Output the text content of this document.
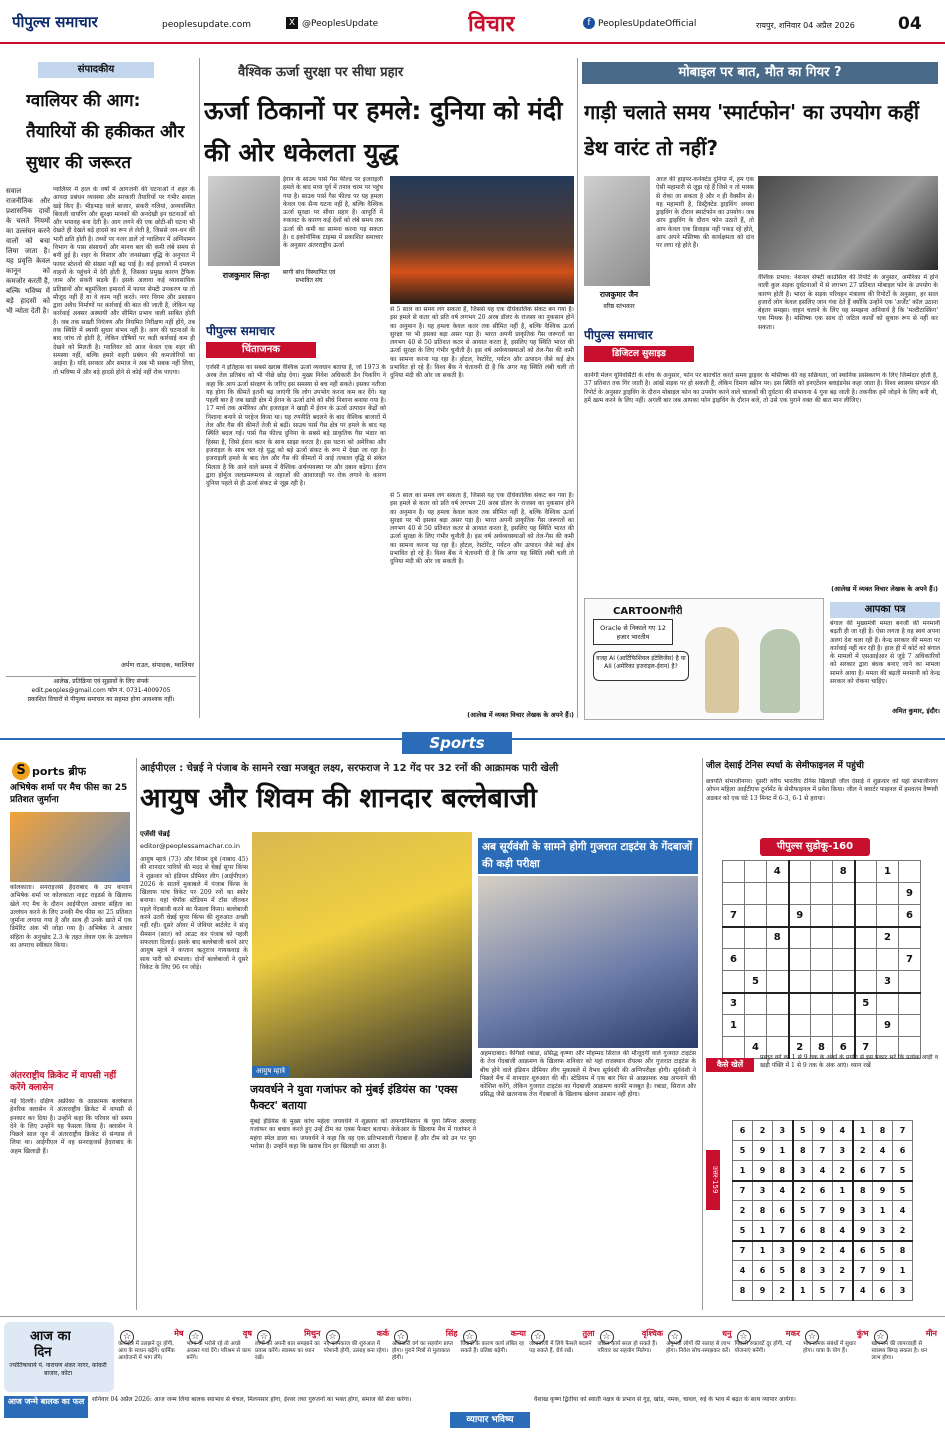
पीपुल्स समाचार	peoplesupdate.com	X @PeoplesUpdate	विचार	f PeoplesUpdateOfficial	रायपुर, शनिवार 04 अप्रैल 2026	04
संपादकीय
ग्वालियर की आग: तैयारियों की हकीकत और सुधार की जरूरत
सवाल राजनीतिक और प्रशासनिक दावों के चलते नियमों का उल्लंघन करने वालों को बचा लिया जाता है। यह प्रवृत्ति केवल कानून को कमजोर करती है, बल्कि भविष्य में बड़े हादसों को भी न्योता देती है।
ग्वालियर में हाल के वर्षों में आगजनी की घटनाओं ने शहर के आपदा प्रबंधन व्यवस्था और सरकारी तैयारियों पर गंभीर सवाल खड़े किए हैं। भीड़भाड़ वाले बाजार, संकरी गलियां, अव्यवस्थित बिजली वायरिंग और सुरक्षा मानकों की अनदेखी इन घटनाओं को और भयावह बना देती है। आग लगने की एक छोटी-सी घटना भी देखते ही देखते बड़े हादसे का रूप ले लेती है, जिससे जन-धन की भारी क्षति होती है। तथ्यों पर नजर डालें तो ग्वालियर में अग्निशमन विभाग के पास संसाधनों और मानव बल की कमी लंबे समय से बनी हुई है। शहर के विस्तार और जनसंख्या वृद्धि के अनुपात में फायर स्टेशनों की संख्या नहीं बढ़ पाई है। कई इलाकों में दमकल वाहनों के पहुंचने में देरी होती है, जिसका प्रमुख कारण ट्रैफिक जाम और संकरी सड़कें हैं। इसके अलावा कई व्यावसायिक प्रतिष्ठानों और बहुमंजिला इमारतों में फायर सेफ्टी उपकरण या तो मौजूद नहीं हैं या वे काम नहीं करते। नगर निगम और प्रशासन द्वारा अवैध निर्माणों पर कार्रवाई की बात की जाती है, लेकिन यह कार्रवाई अक्सर अस्थायी और सीमित प्रभाव वाली साबित होती है। जब तक सख्ती नियंत्रण और नियमित निरीक्षण नहीं होंगे, तब तक स्थिति में स्थायी सुधार संभव नहीं है। आग की घटनाओं के बाद जांच तो होती है, लेकिन दोषियों पर कड़ी कार्रवाई कम ही देखने को मिलती है। ग्वालियर को आज केवल एक शहर की समस्या नहीं, बल्कि हमारे शहरी प्रबंधन की कमजोरियों का आईना है। यदि सरकार और समाज ने अब भी सबक नहीं लिया, तो भविष्य में और बड़े हादसे होने से कोई नहीं रोक पाएगा।
अर्पण राउत, संपादक, ग्वालियर
आलेख, प्रतिक्रिया एवं सुझावों के लिए संपर्क
edit.peoples@gmail.com फोन नं. 0731-4009705
प्रकाशित विचारों से पीपुल्स समाचार का सहमत होना आवश्यक नहीं।
वैश्विक ऊर्जा सुरक्षा पर सीधा प्रहार
ऊर्जा ठिकानों पर हमले: दुनिया को मंदी की ओर धकेलता युद्ध
राजकुमार सिन्हा	बरगी बांध विस्थापित एवं प्रभावित संघ
पीपुल्स समाचार
चिंताजनक
ईरान के साउथ पार्स गैस फील्ड पर इजराइली हमले के बाद मध्य पूर्व में तनाव चरम पर पहुंच गया है। साउथ पार्स गैस फील्ड पर यह हमला केवल एक सैन्य घटना नहीं है, बल्कि वैश्विक ऊर्जा सुरक्षा पर सीधा प्रहार है। आपूर्ति में रुकावट के कारण कई देशों को लंबे समय तक ऊर्जा की कमी का सामना करना पड़ सकता है। द इकोनॉमिक टाइम्स में प्रकाशित समाचार के अनुसार अंतरराष्ट्रीय ऊर्जा
से 5 साल का समय लग सकता है, जिससे यह एक दीर्घकालिक संकट बन गया है। इस हमले से कतर को प्रति वर्ष लगभग 20 अरब डॉलर के राजस्व का नुकसान होने का अनुमान है। यह हमला केवल कतर तक सीमित नहीं है, बल्कि वैश्विक ऊर्जा सुरक्षा पर भी इसका बड़ा असर पड़ा है। भारत अपनी प्राकृतिक गैस जरूरतों का लगभग 40 से 50 प्रतिशत कतर से आयात करता है, इसलिए यह स्थिति भारत की ऊर्जा सुरक्षा के लिए गंभीर चुनौती है। इस वर्ष अर्थव्यवस्थाओं को तेल-गैस की कमी का सामना करना पड़ रहा है। होटल, रेस्टोरेंट, पर्यटन और उत्पादन जैसे कई क्षेत्र प्रभावित हो रहे हैं। विश्व बैंक ने चेतावनी दी है कि अगर यह स्थिति लंबी चली तो दुनिया मंदी की ओर जा सकती है।
एजेंसी ने इतिहास का सबसे खराब वैश्विक ऊर्जा व्यवधान बताया है, जो 1973 के अरब तेल प्रतिबंध को भी पीछे छोड़ देगा। मुख्य निवेश अधिकारी डैन पिकरिंग ने कहा कि आप ऊर्जा संरक्षण के जरिए इस समस्या से बच नहीं सकते। इसका नतीजा यह होगा कि कीमतें इतनी बढ़ जाएंगी कि लोग उपभोग करना कम कर देंगे। यह पहली बार है जब खाड़ी क्षेत्र में ईरान के ऊर्जा ढांचे को सीधे निशाना बनाया गया है। 17 मार्च तक अमेरिका और इजराइल ने खाड़ी में ईरान के ऊर्जा उत्पादन केंद्रों को निशाना बनाने से परहेज किया था। यह रणनीति बदलने के बाद वैश्विक बाजारों में तेल और गैस की कीमतें तेजी से बढ़ीं। साउथ पार्स गैस क्षेत्र पर हमले के बाद यह स्थिति बदल गई। पार्स गैस फील्ड दुनिया के सबसे बड़े प्राकृतिक गैस भंडार का हिस्सा है, जिसे ईरान कतर के साथ साझा करता है। इस घटना को अमेरिका और इजराइल के साथ चल रहे युद्ध को बड़े ऊर्जा संकट के रूप में देखा जा रहा है। इजराइली हमले के बाद तेल और गैस की कीमतों में आई तत्काल वृद्धि से संकेत मिलता है कि आने वाले समय में वैश्विक अर्थव्यवस्था पर और दबाव बढ़ेगा। ईरान द्वारा होर्मुज जलडमरूमध्य से जहाजों की आवाजाही पर रोक लगाने के कारण दुनिया पहले से ही ऊर्जा संकट से जूझ रही है।
से 5 साल का समय लग सकता है, जिससे यह एक दीर्घकालिक संकट बन गया है। इस हमले से कतर को प्रति वर्ष लगभग 20 अरब डॉलर के राजस्व का नुकसान होने का अनुमान है। यह हमला केवल कतर तक सीमित नहीं है, बल्कि वैश्विक ऊर्जा सुरक्षा पर भी इसका बड़ा असर पड़ा है। भारत अपनी प्राकृतिक गैस जरूरतों का लगभग 40 से 50 प्रतिशत कतर से आयात करता है, इसलिए यह स्थिति भारत की ऊर्जा सुरक्षा के लिए गंभीर चुनौती है। इस वर्ष अर्थव्यवस्थाओं को तेल-गैस की कमी का सामना करना पड़ रहा है। होटल, रेस्टोरेंट, पर्यटन और उत्पादन जैसे कई क्षेत्र प्रभावित हो रहे हैं। विश्व बैंक ने चेतावनी दी है कि अगर यह स्थिति लंबी चली तो दुनिया मंदी की ओर जा सकती है।
(आलेख में व्यक्त विचार लेखक के अपने हैं।)
मोबाइल पर बात, मौत का गियर ?
गाड़ी चलाते समय 'स्मार्टफोन' का उपयोग कहीं डेथ वारंट तो नहीं?
राजकुमार जैन
वरिष्ठ स्तंभकार
आज की हाइपर-कनेक्टेड दुनिया में, हम एक ऐसी महामारी से जूझ रहे हैं जिसे न तो मास्क से रोका जा सकता है और न ही वैक्सीन से। यह महामारी है, डिस्ट्रैक्टेड ड्राइविंग अथवा ड्राइविंग के दौरान स्मार्टफोन का उपयोग। जब आप ड्राइविंग के दौरान फोन उठाते हैं, तो आप केवल एक डिवाइस नहीं पकड़ रहे होते, आप अपने मस्तिष्क की कार्यक्षमता को दांव पर लगा रहे होते हैं।
पीपुल्स समाचार
डिजिटल सुसाइड
वैश्विक प्रभाव: नेशनल सेफ्टी काउंसिल की रिपोर्ट के अनुसार, अमेरिका में होने वाली कुल सड़क दुर्घटनाओं में से लगभग 27 प्रतिशत मोबाइल फोन के उपयोग के कारण होती हैं। भारत के सड़क परिवहन मंत्रालय की रिपोर्टों के अनुसार, हर साल हजारों लोग केवल इसलिए जान गंवा देते हैं क्योंकि उन्होंने एक 'अर्जेंट' कॉल उठाना बेहतर समझा। वाहन चलाने के लिए यह समझना अनिवार्य है कि 'मल्टीटास्किंग' एक मिथक है। मस्तिष्क एक साथ दो जटिल कार्यों को सुचारु रूप से नहीं कर सकता।
कार्नेगी मेलन यूनिवर्सिटी के शोध के अनुसार, फोन पर बातचीत करते समय ड्राइवर के मस्तिष्क की वह सक्रियता, जो स्थानिक प्रसंस्करण के लिए जिम्मेदार होती है, 37 प्रतिशत तक गिर जाती है। आंखें सड़क पर हो सकती हैं, लेकिन दिमाग स्क्रीन पर। इस स्थिति को इनएटेंशन ब्लाइंडनेस कहा जाता है। विश्व स्वास्थ्य संगठन की रिपोर्ट के अनुसार ड्राइविंग के दौरान मोबाइल फोन का उपयोग करने वाले चालकों की दुर्घटना की संभावना 4 गुना बढ़ जाती है। तकनीक हमें जोड़ने के लिए बनी थी, हमें खत्म करने के लिए नहीं। अगली बार जब आपका फोन ड्राइविंग के दौरान बजे, तो उसे एक पुराने वक्त की बात मान लीजिए।
(आलेख में व्यक्त विचार लेखक के अपने हैं।)
CARTOONगीरी
Oracle से निकाले गए 12 हजार भारतीय
वजह AI (आर्टिफिशियल इंटेलिजेंस) है या AII (अमेरिका इजराइल-ईरान) है?
आपका पत्र
बंगाल की मुख्यमंत्री ममता बनर्जी की मनमानी बढ़ती ही जा रही है। ऐसा लगता है वह स्वयं अपना अलग देश चला रही हैं। केन्द्र सरकार की ममता पर कार्रवाई नहीं कर रही है। हाल ही में कोर्ट को बंगाल के मामलों में एसआईआर से जुड़े 7 अधिकारियों को सरकार द्वारा बंधक बनाए जाने का मामला सामने आया है। ममता की बढ़ती मनमानी को केन्द्र सरकार को रोकना चाहिए।
अमित कुमार, इंदौर।
Sports
S ports ब्रीफ
अभिषेक शर्मा पर मैच फीस का 25 प्रतिशत जुर्माना
कोलकाता। सनराइजर्स हैदराबाद के उप कप्तान अभिषेक शर्मा पर कोलकाता नाइट राइडर्स के खिलाफ खेले गए मैच के दौरान आईपीएल आचार संहिता का उल्लंघन करने के लिए उनकी मैच फीस का 25 प्रतिशत जुर्माना लगाया गया है और साथ ही उनके खाते में एक डिमेरिट अंक भी जोड़ा गया है। अभिषेक ने आचार संहिता के अनुच्छेद 2.3 के तहत लेवल एक के उल्लंघन का अपराध स्वीकार किया।
अंतरराष्ट्रीय क्रिकेट में वापसी नहीं करेंगे क्लासेन
नई दिल्ली। दक्षिण अफ्रीका के आक्रामक बल्लेबाज हेनरिक क्लासेन ने अंतरराष्ट्रीय क्रिकेट में वापसी से इनकार कर दिया है। उन्होंने कहा कि परिवार को समय देने के लिए उन्होंने यह फैसला किया है। क्लासेन ने पिछले साल जून में अंतरराष्ट्रीय क्रिकेट से संन्यास ले लिया था। आईपीएल में वह सनराइजर्स हैदराबाद के अहम खिलाड़ी हैं।
आईपीएल : चेन्नई ने पंजाब के सामने रखा मजबूत लक्ष्य, सरफराज ने 12 गेंद पर 32 रनों की आक्रामक पारी खेली
आयुष और शिवम की शानदार बल्लेबाजी
एजेंसी चेन्नई
editor@peoplessamachar.co.in
आयुष म्हात्रे (73) और शिवम दुबे (नाबाद 45) की शानदार पारियों की मदद से चेन्नई सुपर किंग्स ने शुक्रवार को इंडियन प्रीमियर लीग (आईपीएल) 2026 के सातवें मुकाबले में पंजाब किंग्स के खिलाफ पांच विकेट पर 209 रनों का स्कोर बनाया। यहां चेपॉक स्टेडियम में टॉस जीतकर पहले गेंदबाजी करने का फैसला किया। बल्लेबाजी करने उतरी चेन्नई सुपर किंग्स की शुरुआत अच्छी नहीं रही। दूसरे ओवर में जेवियर बार्टलेट ने संजू सैमसन (सात) को आउट कर पंजाब को पहली सफलता दिलाई। इसके बाद बल्लेबाजी करने आए आयुष म्हात्रे ने कप्तान ऋतुराज गायकवाड़ के साथ पारी को संभाला। दोनों बल्लेबाजों ने दूसरे विकेट के लिए 96 रन जोड़े।
आयुष म्हात्रे
जयवर्धने ने युवा गजांफर को मुंबई इंडियंस का 'एक्स फैक्टर' बताया
मुंबई इंडियंस के मुख्य कोच महेला जयवर्धने ने शुक्रवार को अफगानिस्तान के युवा स्पिनर अल्लाह गजांफर का बचाव करते हुए उन्हें टीम का एक्स फैक्टर बताया। केकेआर के खिलाफ मैच में गजांफर ने महंगा स्पेल डाला था। जयवर्धने ने कहा कि वह एक प्रतिभाशाली गेंदबाज हैं और टीम को उन पर पूरा भरोसा है। उन्होंने कहा कि खराब दिन हर खिलाड़ी का आता है।
अब सूर्यवंशी के सामने होगी गुजरात टाइटंस के गेंदबाजों की कड़ी परीक्षा
अहमदाबाद। कैगिसो रबाडा, प्रसिद्ध कृष्णा और मोहम्मद सिराज की मौजूदगी वाले गुजरात टाइटंस के तेज गेंदबाजी आक्रमण के खिलाफ शनिवार को यहां राजस्थान रॉयल्स और गुजरात टाइटंस के बीच होने वाले इंडियन प्रीमियर लीग मुकाबले में वैभव सूर्यवंशी की अग्निपरीक्षा होगी। सूर्यवंशी ने पिछले मैच में शानदार शुरुआत की थी। स्टेडियम में एक बार फिर से आक्रामक रुख अपनाने की कोशिश करेंगे, लेकिन गुजरात टाइटंस का गेंदबाजी आक्रमण काफी मजबूत है। रबाडा, सिराज और प्रसिद्ध जैसे खतरनाक तेज गेंदबाजों के खिलाफ खेलना आसान नहीं होगा।
जील देसाई टेनिस स्पर्धा के सेमीफाइनल में पहुंची
छत्रपति संभाजीनगर। दूसरी वरीय भारतीय टेनिस खिलाड़ी जील देसाई ने शुक्रवार को यहां संभाजीनगर ओपन महिला आईटीएफ टूर्नामेंट के सेमीफाइनल में प्रवेश किया। जील ने क्वार्टर फाइनल में हमवतन वैष्णवी अडकर को एक घंटे 13 मिनट में 6-3, 6-1 से हराया।
पीपुल्स सुडोकू-160
		4			8		1	
								9
7			9					6
		8					2	
6								7
	5						3	
3						5		
1							9	
	4		2	8	6	7		
कैसे खेलें
प्रस्तुत वर्ग को 1 से 9 तक के अंकों के प्रयोग से इस प्रकार भरें कि प्रत्येक आड़ी व खड़ी पंक्ति में 1 से 9 तक के अंक आएं। ध्यान रखें
उत्तर-159
6	2	3	5	9	4	1	8	7
5	9	1	8	7	3	2	4	6
1	9	8	3	4	2	6	7	5
7	3	4	2	6	1	8	9	5
2	8	6	5	7	9	3	1	4
5	1	7	6	8	4	9	3	2
7	1	3	9	2	4	6	5	8
4	6	5	8	3	2	7	9	1
8	9	2	1	5	7	4	6	3
आज का
दिन
ज्योतिषाचार्य पं. नारायण शंकर नागर, कांकरी बाजार, कोटा
☆	मेष
कार्यक्षेत्र में उलझनें दूर होंगी, आय के साधन बढ़ेंगे। धार्मिक आयोजनों में भाग लेंगे।
☆	वृष
भाग्य के भरोसे रहे तो अच्छे अवसर गवां देंगे। परिश्रम से काम बनेंगे।
☆	मिथुन
लोगों को अपनी बात समझाने का प्रयास करेंगे। स्वास्थ्य का ध्यान रखें।
☆	कर्क
नए कामकाज की शुरुआत में परेशानी होगी, उत्साह बना रहेगा।
☆	सिंह
अधिकारी वर्ग का सहयोग प्राप्त होगा। पुराने मित्रों से मुलाकात होगी।
☆	कन्या
विवादों के कारण कार्य लंबित रह सकते हैं। प्रतिष्ठा बढ़ेगी।
☆	तुला
जल्दबाजी में लिये फैसले बदलने पड़ सकते हैं, धैर्य रखें।
☆	वृश्चिक
जटिल कार्य सरल हो सकते हैं। परिवार का सहयोग मिलेगा।
☆	धनु
अनुभवी लोगों की सलाह से लाभ होगा। निवेश सोच-समझकर करें।
☆	मकर
पिछली रुकावटें दूर होंगी, नई योजनाएं बनेंगी।
☆	कुंभ
भावनात्मक संबंधों में सुधार होगा। यात्रा के योग हैं।
☆	मीन
खानपान की लापरवाही से स्वास्थ्य बिगड़ सकता है। धन लाभ होगा।
आज जन्मे बालक का फल	शनिवार 04 अप्रैल 2026: आज जन्म लिया बालक स्वाभाव से चंचल, मिलनसार होगा, ईश्वर तथा गुरुजनों का भक्त होगा, समाज की सेवा करेगा।
व्यापार भविष्य
वैशाख कृष्ण द्वितीया को स्वाती नक्षत्र के प्रभाव से गुड़, खांड, नमक, चावल, रुई के भाव में बढ़त के साथ व्यापार आयेगा।
